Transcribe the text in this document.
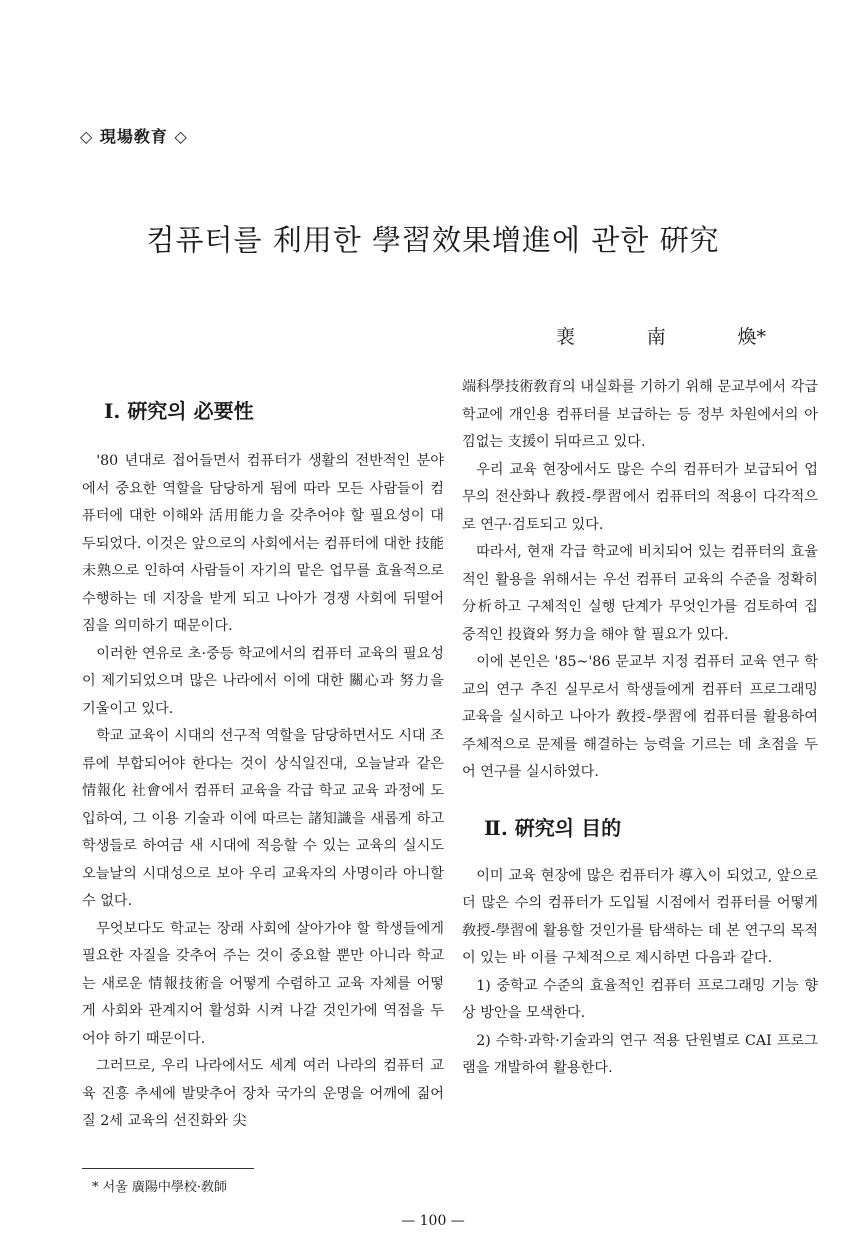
◇ 現場敎育 ◇
컴퓨터를 利用한 學習效果增進에 관한 硏究
裵	南	煥*
Ⅰ. 硏究의 必要性

'80 년대로 접어들면서 컴퓨터가 생활의 전반적인 분야에서 중요한 역할을 담당하게 됨에 따라 모든 사람들이 컴퓨터에 대한 이해와 活用能力을 갖추어야 할 필요성이 대두되었다. 이것은 앞으로의 사회에서는 컴퓨터에 대한 技能未熟으로 인하여 사람들이 자기의 맡은 업무를 효율적으로 수행하는 데 지장을 받게 되고 나아가 경쟁 사회에 뒤떨어짐을 의미하기 때문이다.

이러한 연유로 초·중등 학교에서의 컴퓨터 교육의 필요성이 제기되었으며 많은 나라에서 이에 대한 關心과 努力을 기울이고 있다.

학교 교육이 시대의 선구적 역할을 담당하면서도 시대 조류에 부합되어야 한다는 것이 상식일진대, 오늘날과 같은 情報化 社會에서 컴퓨터 교육을 각급 학교 교육 과정에 도입하여, 그 이용 기술과 이에 따르는 諸知識을 새롭게 하고 학생들로 하여금 새 시대에 적응할 수 있는 교육의 실시도 오늘날의 시대성으로 보아 우리 교육자의 사명이라 아니할 수 없다.

무엇보다도 학교는 장래 사회에 살아가야 할 학생들에게 필요한 자질을 갖추어 주는 것이 중요할 뿐만 아니라 학교는 새로운 情報技術을 어떻게 수렴하고 교육 자체를 어떻게 사회와 관계지어 활성화 시켜 나갈 것인가에 역점을 두어야 하기 때문이다.

그러므로, 우리 나라에서도 세계 여러 나라의 컴퓨터 교육 진흥 추세에 발맞추어 장차 국가의 운명을 어깨에 짊어질 2세 교육의 선진화와 尖

端科學技術敎育의 내실화를 기하기 위해 문교부에서 각급 학교에 개인용 컴퓨터를 보급하는 등 정부 차원에서의 아낌없는 支援이 뒤따르고 있다.

우리 교육 현장에서도 많은 수의 컴퓨터가 보급되어 업무의 전산화나 敎授-學習에서 컴퓨터의 적용이 다각적으로 연구·검토되고 있다.

따라서, 현재 각급 학교에 비치되어 있는 컴퓨터의 효율적인 활용을 위해서는 우선 컴퓨터 교육의 수준을 정확히 分析하고 구체적인 실행 단계가 무엇인가를 검토하여 집중적인 投資와 努力을 해야 할 필요가 있다.

이에 본인은 '85~'86 문교부 지정 컴퓨터 교육 연구 학교의 연구 추진 실무로서 학생들에게 컴퓨터 프로그래밍 교육을 실시하고 나아가 敎授-學習에 컴퓨터를 활용하여 주체적으로 문제를 해결하는 능력을 기르는 데 초점을 두어 연구를 실시하였다.

Ⅱ. 硏究의 目的

이미 교육 현장에 많은 컴퓨터가 導入이 되었고, 앞으로 더 많은 수의 컴퓨터가 도입될 시점에서 컴퓨터를 어떻게 敎授-學習에 활용할 것인가를 탐색하는 데 본 연구의 목적이 있는 바 이를 구체적으로 제시하면 다음과 같다.

1) 중학교 수준의 효율적인 컴퓨터 프로그래밍 기능 향상 방안을 모색한다.

2) 수학·과학·기술과의 연구 적용 단원별로 CAI 프로그램을 개발하여 활용한다.

* 서울 廣陽中學校·敎師
— 100 —
